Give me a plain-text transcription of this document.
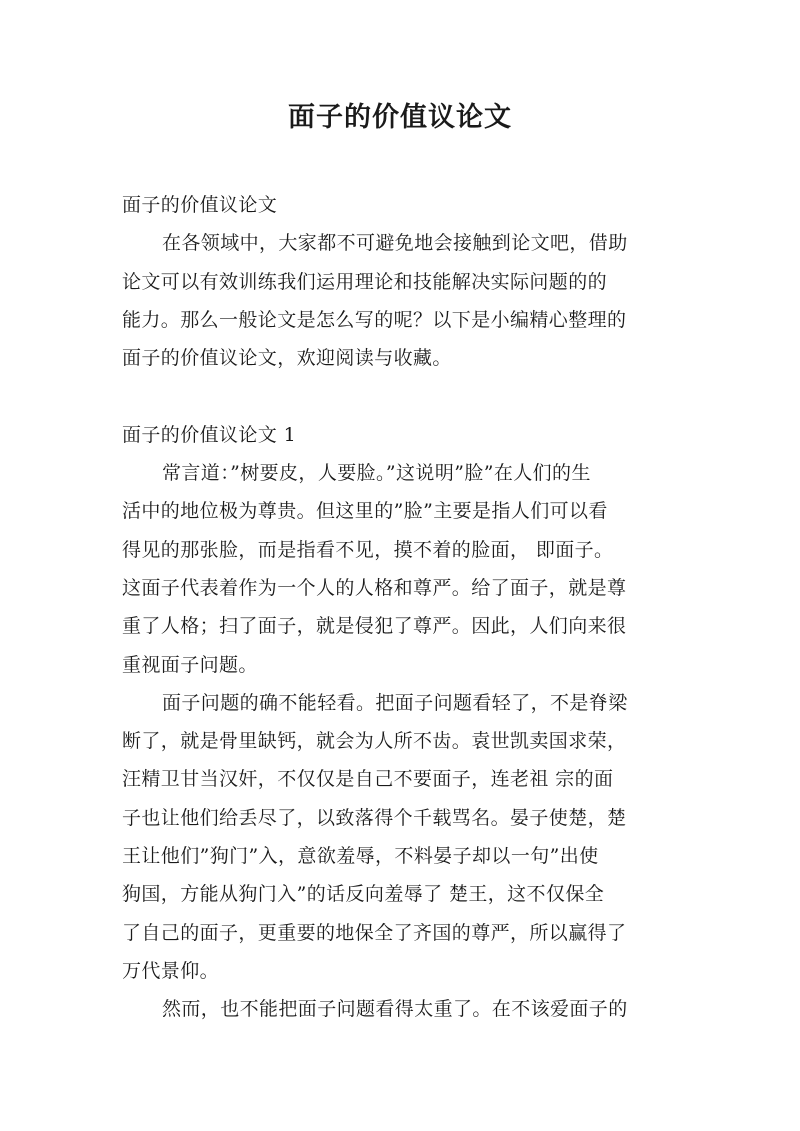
面子的价值议论文
面子的价值议论文

在各领域中，大家都不可避免地会接触到论文吧，借助

论文可以有效训练我们运用理论和技能解决实际问题的的

能力。那么一般论文是怎么写的呢？以下是小编精心整理的

面子的价值议论文，欢迎阅读与收藏。

面子的价值议论文 1

常言道：”树要皮，人要脸。”这说明”脸”在人们的生

活中的地位极为尊贵。但这里的”脸”主要是指人们可以看

得见的那张脸，而是指看不见，摸不着的脸面， 即面子。

这面子代表着作为一个人的人格和尊严。给了面子，就是尊

重了人格；扫了面子，就是侵犯了尊严。因此，人们向来很

重视面子问题。

面子问题的确不能轻看。把面子问题看轻了，不是脊梁

断了，就是骨里缺钙，就会为人所不齿。袁世凯卖国求荣，

汪精卫甘当汉奸，不仅仅是自己不要面子，连老祖 宗的面

子也让他们给丢尽了，以致落得个千载骂名。晏子使楚，楚

王让他们”狗门”入，意欲羞辱，不料晏子却以一句”出使

狗国，方能从狗门入”的话反向羞辱了 楚王，这不仅保全

了自己的面子，更重要的地保全了齐国的尊严，所以赢得了

万代景仰。

然而，也不能把面子问题看得太重了。在不该爱面子的
